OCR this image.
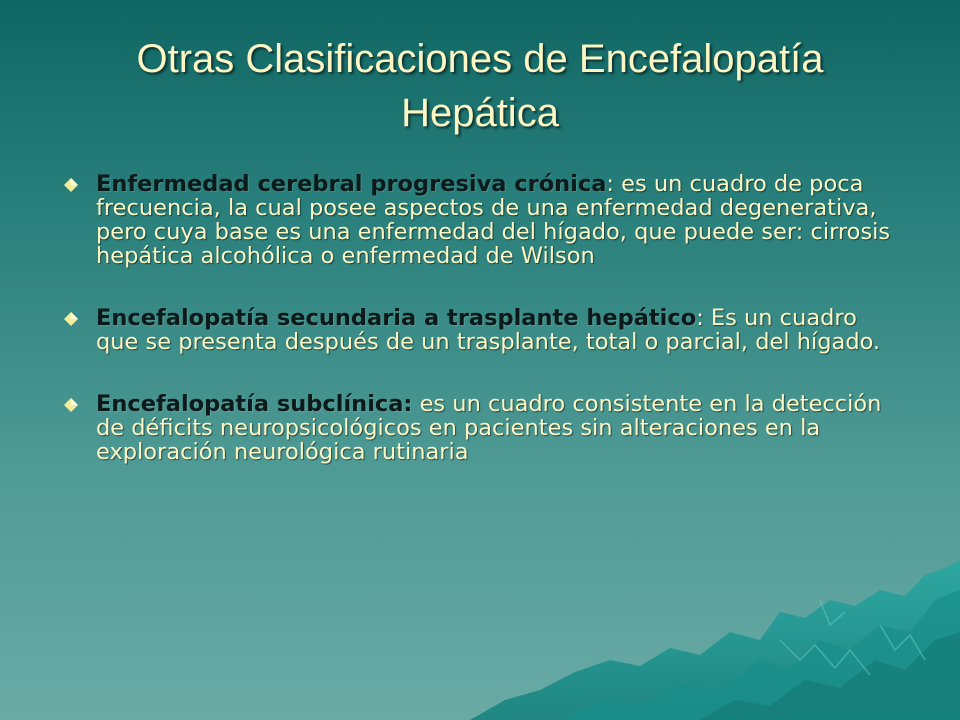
Otras Clasificaciones de Encefalopatía
Hepática
Enfermedad cerebral progresiva crónica: es un cuadro de poca frecuencia, la cual posee aspectos de una enfermedad degenerativa, pero cuya base es una enfermedad del hígado, que puede ser: cirrosis hepática alcohólica o enfermedad de Wilson
Encefalopatía secundaria a trasplante hepático: Es un cuadro que se presenta después de un trasplante, total o parcial, del hígado.
Encefalopatía subclínica: es un cuadro consistente en la detección de déficits neuropsicológicos en pacientes sin alteraciones en la exploración neurológica rutinaria
